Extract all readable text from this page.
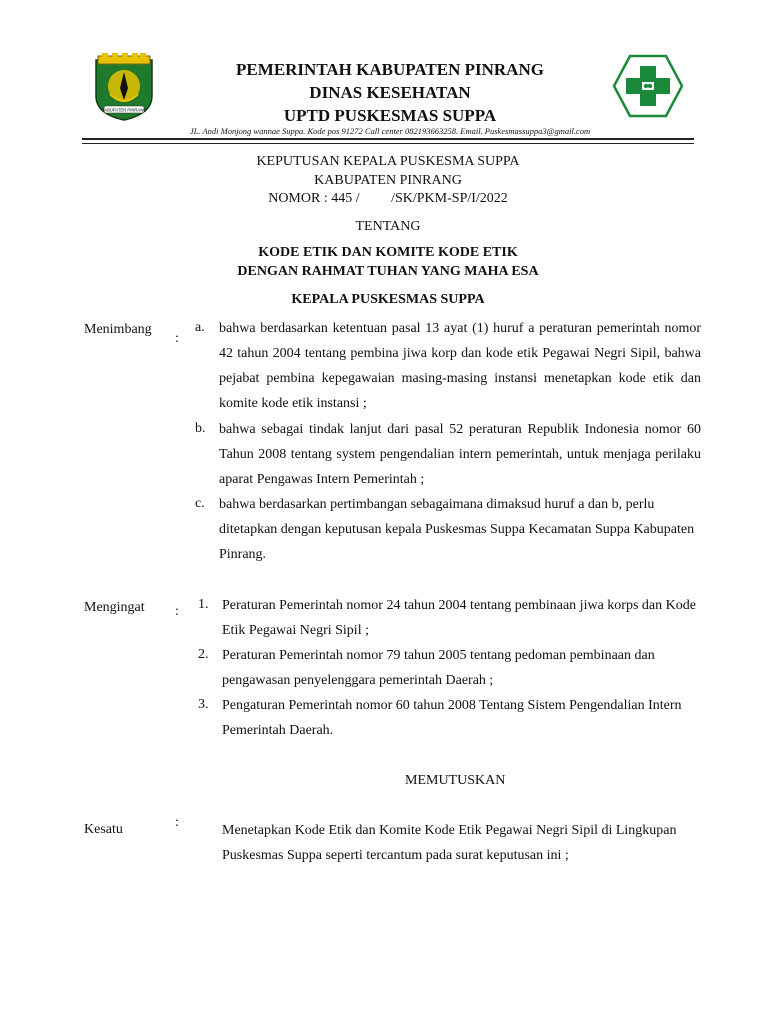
KABUPATEN PINRANG
PEMERINTAH KABUPATEN PINRANG
DINAS KESEHATAN
UPTD PUSKESMAS SUPPA
JL. Andi Monjong wannae Suppa. Kode pos 91272 Call center 082193663258. Email. Puskesmassuppa3@gmail.com
KEPUTUSAN KEPALA PUSKESMA SUPPA
KABUPATEN PINRANG
NOMOR : 445 /         /SK/PKM-SP/I/2022
TENTANG
KODE ETIK DAN KOMITE KODE ETIK
DENGAN RAHMAT TUHAN YANG MAHA ESA
KEPALA PUSKESMAS SUPPA
Menimbang
:
a. bahwa berdasarkan ketentuan pasal 13 ayat (1) huruf a peraturan pemerintah nomor 42 tahun 2004 tentang pembina jiwa korp dan kode etik Pegawai Negri Sipil, bahwa pejabat pembina kepegawaian masing-masing instansi menetapkan kode etik dan komite kode etik instansi ;
b. bahwa sebagai tindak lanjut dari pasal 52 peraturan Republik Indonesia nomor 60 Tahun 2008 tentang system pengendalian intern pemerintah, untuk menjaga perilaku aparat Pengawas Intern Pemerintah ;
c. bahwa berdasarkan pertimbangan sebagaimana dimaksud huruf a dan b, perlu ditetapkan dengan keputusan kepala Puskesmas Suppa Kecamatan Suppa Kabupaten Pinrang.
Mengingat : 1. Peraturan Pemerintah nomor 24 tahun 2004 tentang pembinaan jiwa korps dan Kode Etik Pegawai Negri Sipil ;
2. Peraturan Pemerintah nomor 79 tahun 2005 tentang pedoman pembinaan dan pengawasan penyelenggara pemerintah Daerah ;
3. Pengaturan Pemerintah nomor 60 tahun 2008 Tentang Sistem Pengendalian Intern Pemerintah Daerah.
MEMUTUSKAN
Kesatu	:
Menetapkan Kode Etik dan Komite Kode Etik Pegawai Negri Sipil di Lingkupan Puskesmas Suppa seperti tercantum pada surat keputusan ini ;
